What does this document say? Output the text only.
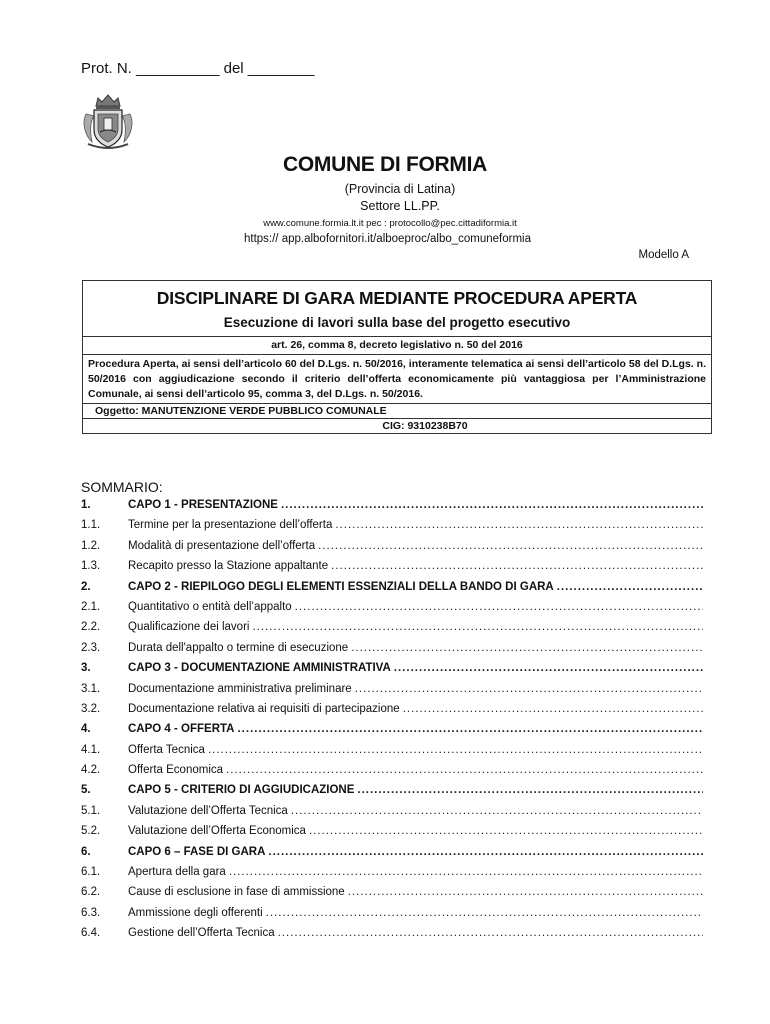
Prot. N. __________ del ________
COMUNE DI FORMIA
(Provincia di Latina)
Settore LL.PP.
www.comune.formia.lt.it pec : protocollo@pec.cittadiformia.it
https:// app.albofornitori.it/alboeproc/albo_comuneformia
Modello A
DISCIPLINARE DI GARA MEDIANTE PROCEDURA APERTA
Esecuzione di lavori sulla base del progetto esecutivo
art. 26, comma 8, decreto legislativo n. 50 del 2016
Procedura Aperta, ai sensi dell’articolo 60 del D.Lgs. n. 50/2016, interamente telematica ai sensi dell’articolo 58 del D.Lgs. n. 50/2016 con aggiudicazione secondo il criterio dell’offerta economicamente più vantaggiosa per l’Amministrazione Comunale, ai sensi dell’articolo 95, comma 3, del D.Lgs. n. 50/2016.
Oggetto: MANUTENZIONE VERDE PUBBLICO COMUNALE
CIG: 9310238B70
SOMMARIO:
1.	CAPO 1 - PRESENTAZIONE
.....
1.1.	Termine per la presentazione dell’offerta
.....
1.2.	Modalità di presentazione dell’offerta
.....
1.3.	Recapito presso la Stazione appaltante
.....
2.	CAPO 2 - RIEPILOGO DEGLI ELEMENTI ESSENZIALI DELLA BANDO DI GARA
.....
2.1.	Quantitativo o entità dell’appalto
.....
2.2.	Qualificazione dei lavori
.....
2.3.	Durata dell'appalto o termine di esecuzione
.....
3.	CAPO 3 - DOCUMENTAZIONE AMMINISTRATIVA
.....
3.1.	Documentazione amministrativa preliminare
.....
3.2.	Documentazione relativa ai requisiti di partecipazione
.....
4.	CAPO 4 - OFFERTA
.....
4.1.	Offerta Tecnica
.....
4.2.	Offerta Economica
.....
5.	CAPO 5 - CRITERIO DI AGGIUDICAZIONE
.....
5.1.	Valutazione dell’Offerta Tecnica
.....
5.2.	Valutazione dell’Offerta Economica
.....
6.	CAPO 6 – FASE DI GARA
.....
6.1.	Apertura della gara
.....
6.2.	Cause di esclusione in fase di ammissione
.....
6.3.	Ammissione degli offerenti
.....
6.4.	Gestione dell’Offerta Tecnica
.....
